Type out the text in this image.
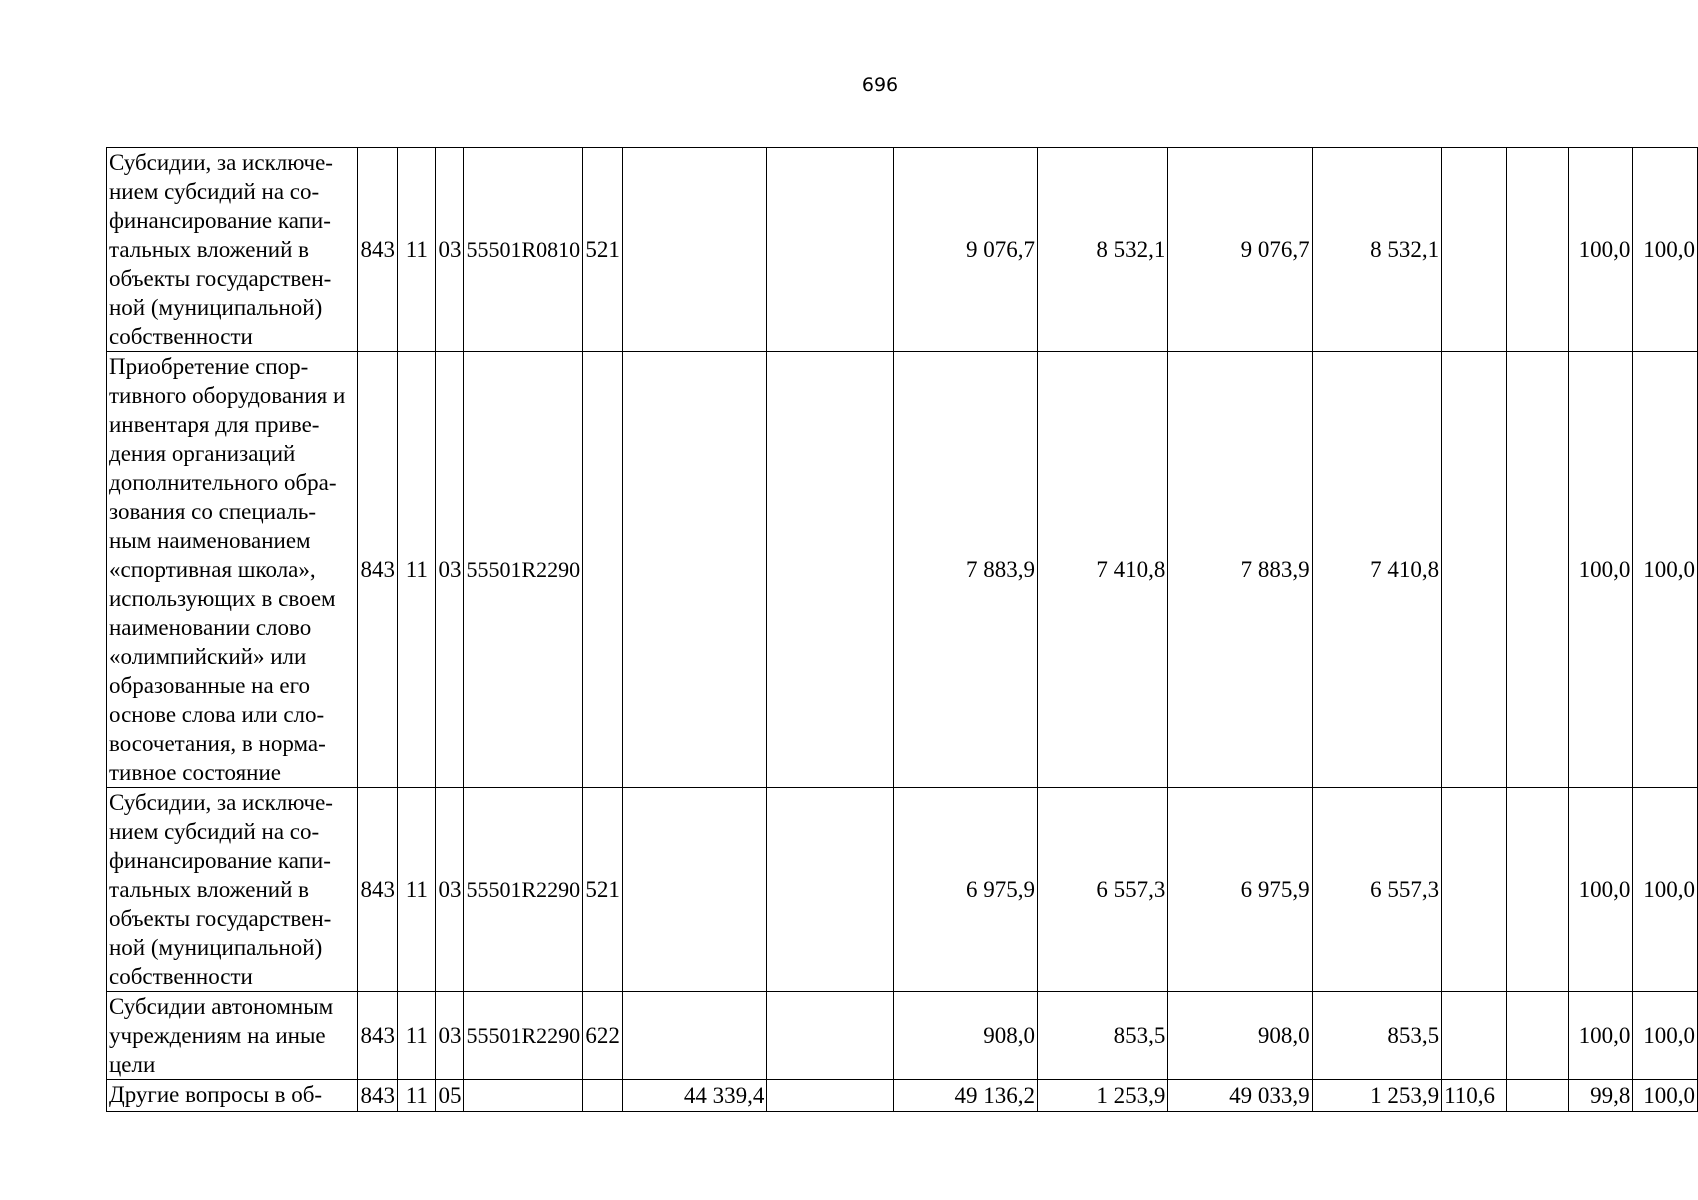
696
Субсидии, за исключе-нием субсидий на со-финансирование капи-тальных вложений в объекты государствен-ной (муниципальной) собственности	843	11	03	55501R0810	521			9 076,7	8 532,1	9 076,7	8 532,1			100,0	100,0
Приобретение спор-тивного оборудования и инвентаря для приве-дения организаций дополнительного обра-зования со специаль-ным наименованием «спортивная школа», использующих в своем наименовании слово «олимпийский» или образованные на его основе слова или сло-восочетания, в норма-тивное состояние	843	11	03	55501R2290				7 883,9	7 410,8	7 883,9	7 410,8			100,0	100,0
Субсидии, за исключе-нием субсидий на со-финансирование капи-тальных вложений в объекты государствен-ной (муниципальной) собственности	843	11	03	55501R2290	521			6 975,9	6 557,3	6 975,9	6 557,3			100,0	100,0
Субсидии автономным учреждениям на иные цели	843	11	03	55501R2290	622			908,0	853,5	908,0	853,5			100,0	100,0
Другие вопросы в об-	843	11	05			44 339,4		49 136,2	1 253,9	49 033,9	1 253,9	110,6		99,8	100,0
